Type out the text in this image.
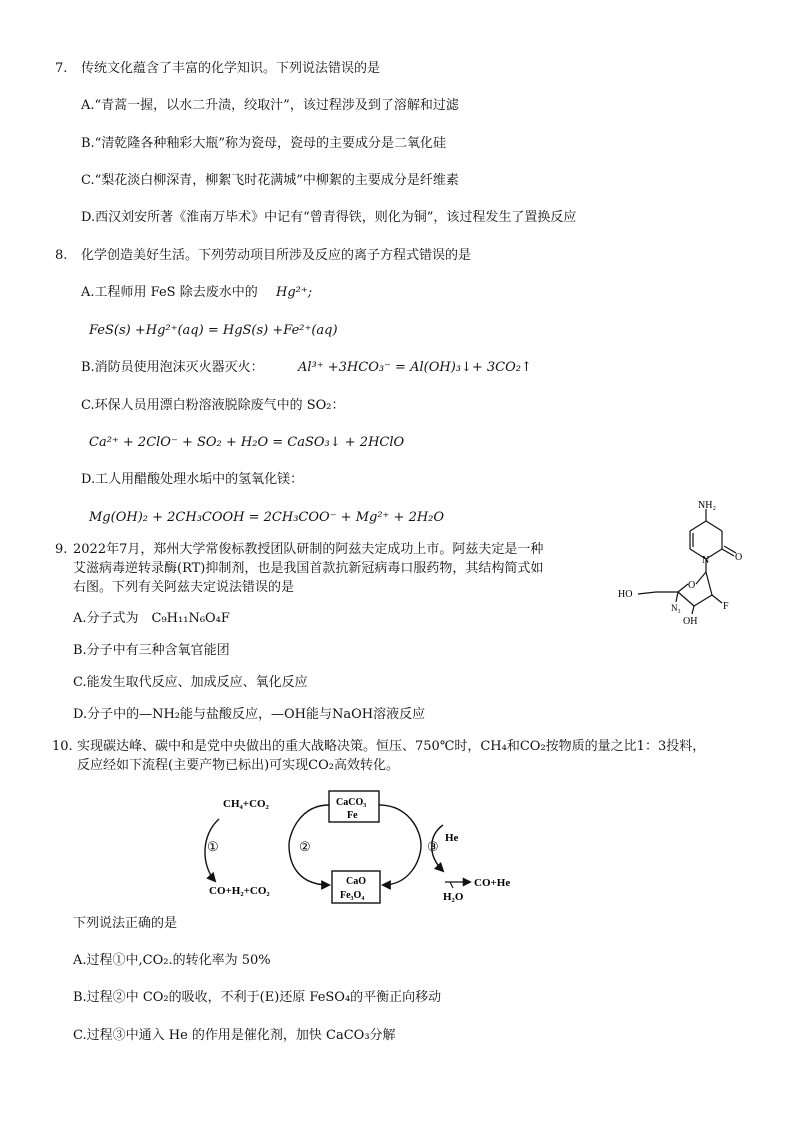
7. 传统文化蕴含了丰富的化学知识。下列说法错误的是
A.“青蒿一握，以水二升渍，绞取汁”，该过程涉及到了溶解和过滤
B.“清乾隆各种釉彩大瓶”称为瓷母，瓷母的主要成分是二氧化硅
C.“梨花淡白柳深青，柳絮飞时花满城”中柳絮的主要成分是纤维素
D.西汉刘安所著《淮南万毕术》中记有“曾青得铁，则化为铜”，该过程发生了置换反应
8. 化学创造美好生活。下列劳动项目所涉及反应的离子方程式错误的是
A.工程师用 FeS 除去废水中的 Hg²⁺;
FeS(s) +Hg²⁺(aq) = HgS(s) +Fe²⁺(aq)
B.消防员使用泡沫灭火器灭火：	Al³⁺ +3HCO₃⁻ = Al(OH)₃↓+ 3CO₂↑
C.环保人员用漂白粉溶液脱除废气中的 SO₂：
Ca²⁺ + 2ClO⁻ + SO₂ + H₂O = CaSO₃↓ + 2HClO
D.工人用醋酸处理水垢中的氢氧化镁：
Mg(OH)₂ + 2CH₃COOH = 2CH₃COO⁻ + Mg²⁺ + 2H₂O
9. 2022年7月，郑州大学常俊标教授团队研制的阿兹夫定成功上市。阿兹夫定是一种
艾滋病毒逆转录酶(RT)抑制剂，也是我国首款抗新冠病毒口服药物，其结构简式如
右图。下列有关阿兹夫定说法错误的是
A.分子式为　C₉H₁₁N₆O₄F
B.分子中有三种含氧官能团
C.能发生取代反应、加成反应、氧化反应
D.分子中的—NH₂能与盐酸反应，—OH能与NaOH溶液反应
NH₂
N	O
O
HO
N₃
OH
F
10. 实现碳达峰、碳中和是党中央做出的重大战略决策。恒压、750℃时，CH₄和CO₂按物质的量之比1：3投料，
反应经如下流程(主要产物已标出)可实现CO₂高效转化。
CH₄+CO₂
CO+H₂+CO₂
CaCO₃
Fe
CaO
Fe₃O₄
He
CO+He
H₂O
①	②	③
下列说法正确的是
A.过程①中,CO₂.的转化率为 50%
B.过程②中 CO₂的吸收，不利于(E)还原 FeSO₄的平衡正向移动
C.过程③中通入 He 的作用是催化剂，加快 CaCO₃分解
